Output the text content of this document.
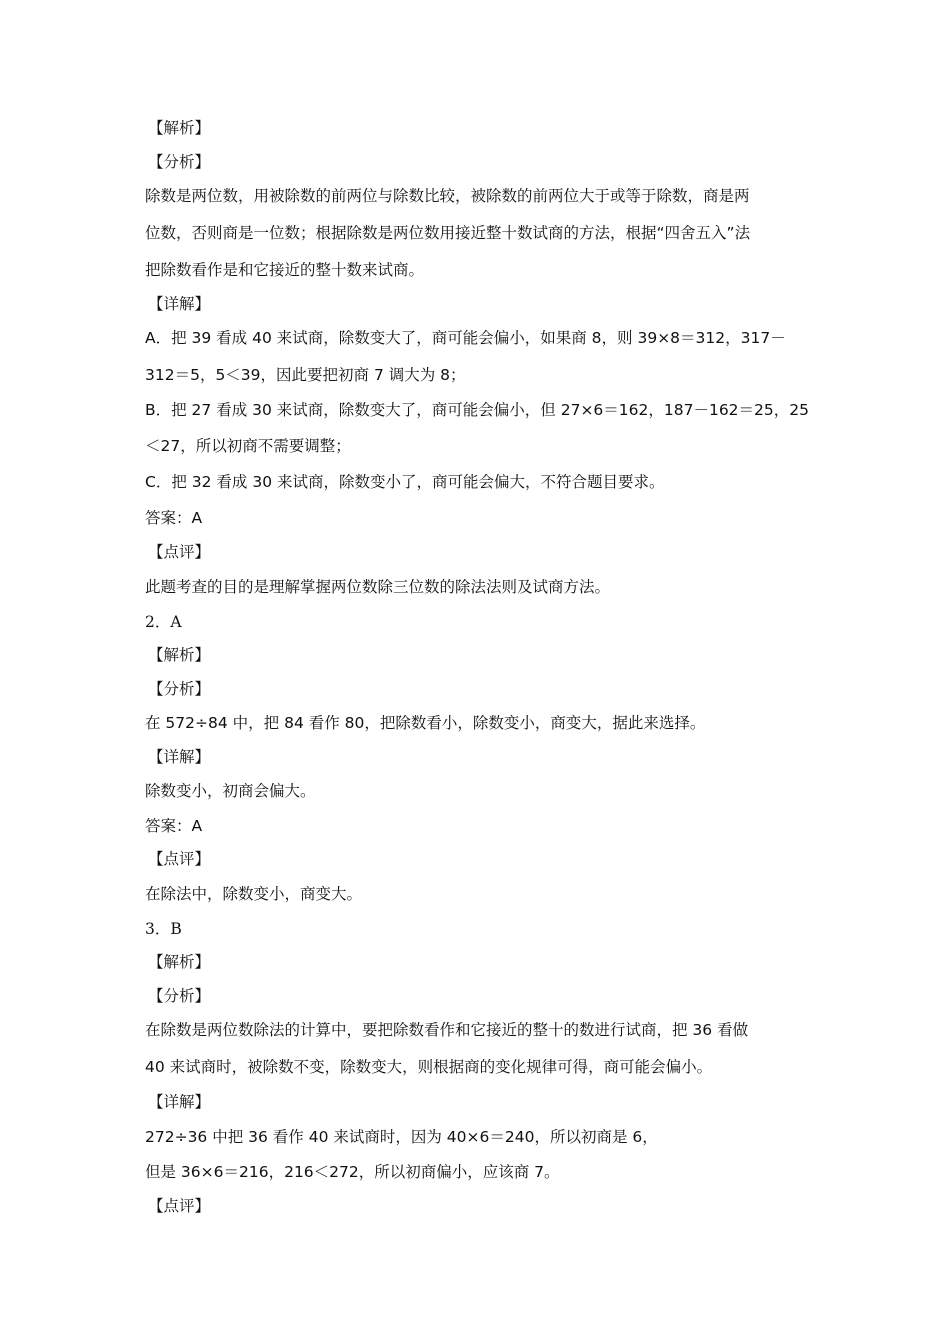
【解析】
【分析】
除数是两位数，用被除数的前两位与除数比较，被除数的前两位大于或等于除数，商是两
位数，否则商是一位数；根据除数是两位数用接近整十数试商的方法，根据“四舍五入”法
把除数看作是和它接近的整十数来试商。
【详解】
A．把 39 看成 40 来试商，除数变大了，商可能会偏小，如果商 8，则 39×8＝312，317－
312＝5，5＜39，因此要把初商 7 调大为 8；
B．把 27 看成 30 来试商，除数变大了，商可能会偏小，但 27×6＝162，187－162＝25，25
＜27，所以初商不需要调整；
C．把 32 看成 30 来试商，除数变小了，商可能会偏大，不符合题目要求。
答案：A
【点评】
此题考查的目的是理解掌握两位数除三位数的除法法则及试商方法。
2．A
【解析】
【分析】
在 572÷84 中，把 84 看作 80，把除数看小，除数变小，商变大，据此来选择。
【详解】
除数变小，初商会偏大。
答案：A
【点评】
在除法中，除数变小，商变大。
3．B
【解析】
【分析】
在除数是两位数除法的计算中，要把除数看作和它接近的整十的数进行试商，把 36 看做
40 来试商时，被除数不变，除数变大，则根据商的变化规律可得，商可能会偏小。
【详解】
272÷36 中把 36 看作 40 来试商时，因为 40×6＝240，所以初商是 6，
但是 36×6＝216，216＜272，所以初商偏小，应该商 7。
【点评】
